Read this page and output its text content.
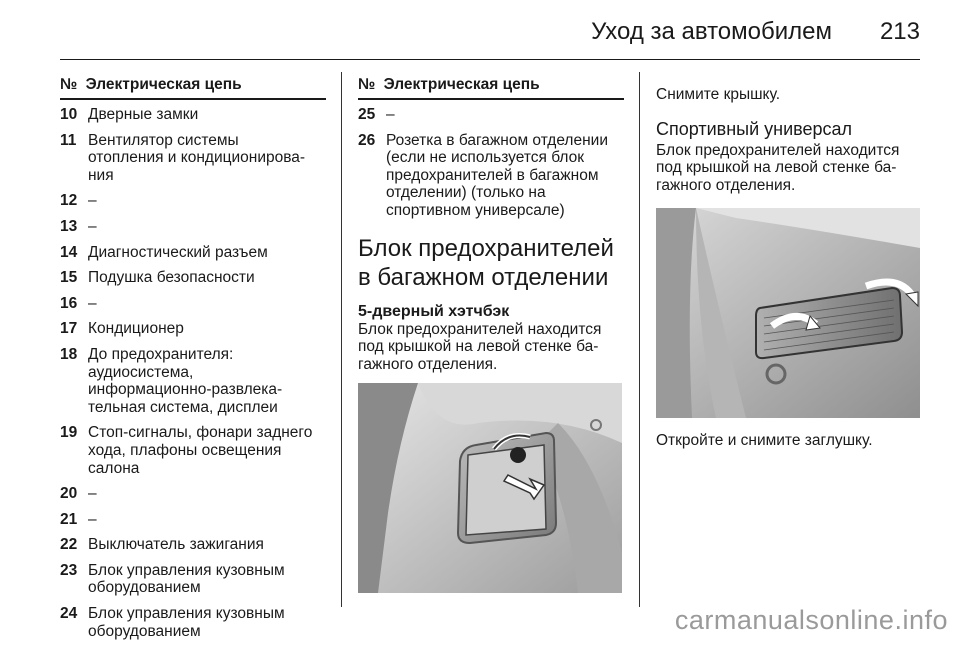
Уход за автомобилем 213
№ Электрическая цепь
10 Дверные замки
11 Вентилятор системы
отопления и кондиционирова-
ния
12 –
13 –
14 Диагностический разъем
15 Подушка безопасности
16 –
17 Кондиционер
18 До предохранителя:
аудиосистема,
информационно-развлека-
тельная система, дисплеи
19 Стоп-сигналы, фонари заднего
хода, плафоны освещения
салона
20 –
21 –
22 Выключатель зажигания
23 Блок управления кузовным
оборудованием
24 Блок управления кузовным
оборудованием
№ Электрическая цепь
25 –
26 Розетка в багажном отделении
(если не используется блок
предохранителей в багажном
отделении) (только на
спортивном универсале)
Блок предохранителей
в багажном отделении
5-дверный хэтчбэк
Блок предохранителей находится
под крышкой на левой стенке ба-
гажного отделения.
Снимите крышку.
Спортивный универсал
Блок предохранителей находится
под крышкой на левой стенке ба-
гажного отделения.
Откройте и снимите заглушку.
carmanualsonline.info
